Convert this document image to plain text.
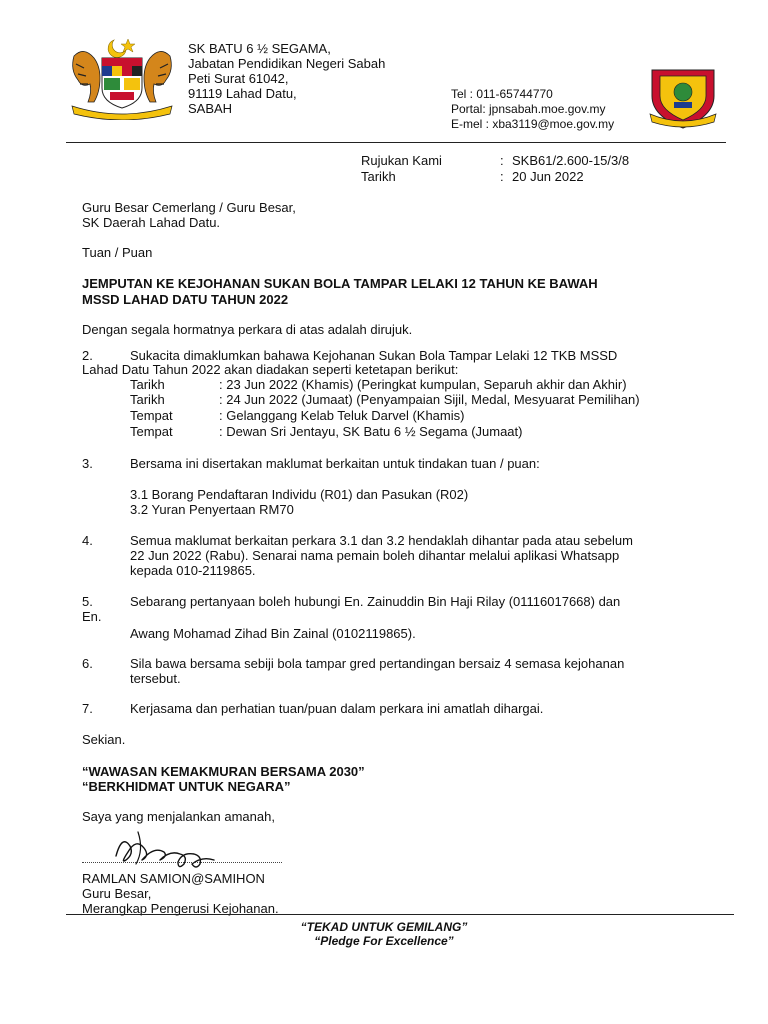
SK BATU 6 ½ SEGAMA,
Jabatan Pendidikan Negeri Sabah
Peti Surat 61042,
91119 Lahad Datu,
SABAH
Tel : 011-65744770
Portal: jpnsabah.moe.gov.my
E-mel : xba3119@moe.gov.my
Rujukan Kami	: SKB61/2.600-15/3/8
Tarikh	: 20 Jun 2022
Guru Besar Cemerlang / Guru Besar,
SK Daerah Lahad Datu.
Tuan / Puan
JEMPUTAN KE KEJOHANAN SUKAN BOLA TAMPAR LELAKI 12 TAHUN KE BAWAH
MSSD LAHAD DATU TAHUN 2022
Dengan segala hormatnya perkara di atas adalah dirujuk.
2.	Sukacita dimaklumkan bahawa Kejohanan Sukan Bola Tampar Lelaki 12 TKB MSSD
Lahad Datu Tahun 2022 akan diadakan seperti ketetapan berikut:
Tarikh	: 23 Jun 2022 (Khamis) (Peringkat kumpulan, Separuh akhir dan Akhir)
Tarikh	: 24 Jun 2022 (Jumaat) (Penyampaian Sijil, Medal, Mesyuarat Pemilihan)
Tempat	: Gelanggang Kelab Teluk Darvel (Khamis)
Tempat	: Dewan Sri Jentayu, SK Batu 6 ½ Segama (Jumaat)
3.	Bersama ini disertakan maklumat berkaitan untuk tindakan tuan / puan:
3.1 Borang Pendaftaran Individu (R01) dan Pasukan (R02)
3.2 Yuran Penyertaan RM70
4.	Semua maklumat berkaitan perkara 3.1 dan 3.2 hendaklah dihantar pada atau sebelum
22 Jun 2022 (Rabu). Senarai nama pemain boleh dihantar melalui aplikasi Whatsapp
kepada 010-2119865.
5.	Sebarang pertanyaan boleh hubungi En. Zainuddin Bin Haji Rilay (01116017668) dan
En.
Awang Mohamad Zihad Bin Zainal (0102119865).
6.	Sila bawa bersama sebiji bola tampar gred pertandingan bersaiz 4 semasa kejohanan
tersebut.
7.	Kerjasama dan perhatian tuan/puan dalam perkara ini amatlah dihargai.
Sekian.
“WAWASAN KEMAKMURAN BERSAMA 2030”
“BERKHIDMAT UNTUK NEGARA”
Saya yang menjalankan amanah,
RAMLAN SAMION@SAMIHON
Guru Besar,
Merangkap Pengerusi Kejohanan.
“TEKAD UNTUK GEMILANG”
“Pledge For Excellence”
